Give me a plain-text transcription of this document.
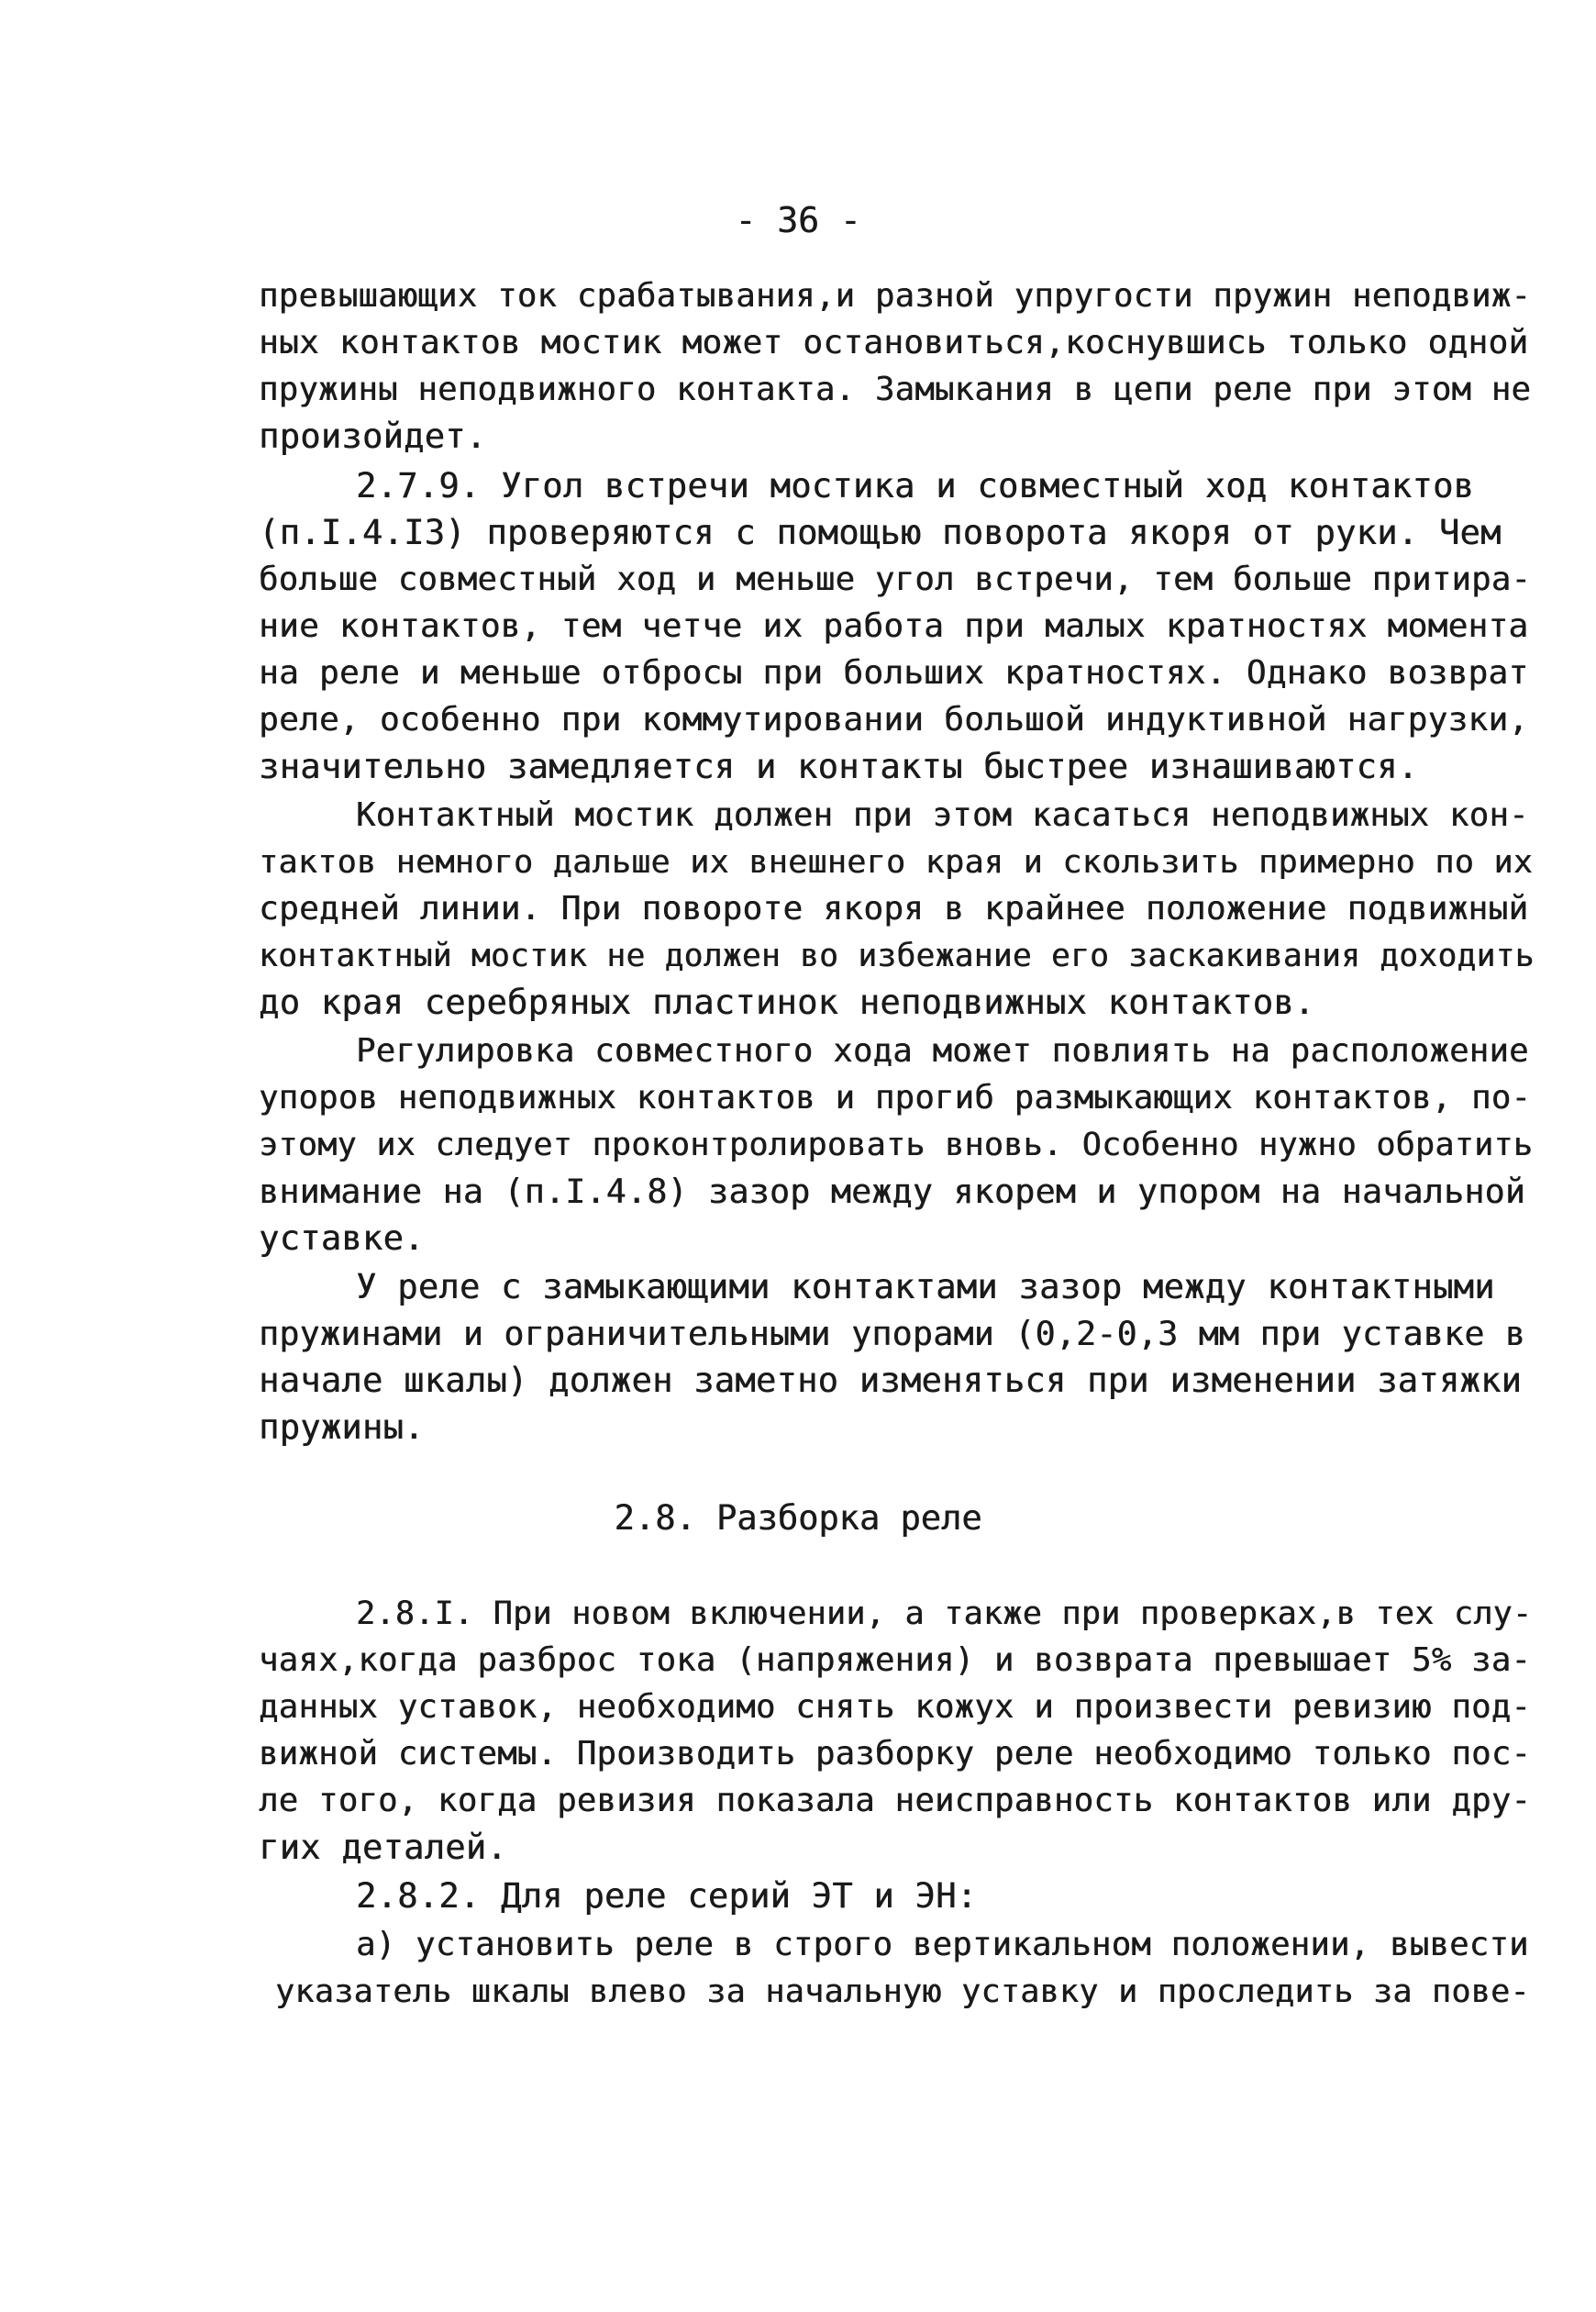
- 36 -
превышающих ток срабатывания,и разной упругости пружин неподвиж-
ных контактов мостик может остановиться,коснувшись только одной
пружины неподвижного контакта. Замыкания в цепи реле при этом не
произойдет.
2.7.9. Угол встречи мостика и совместный ход контактов
(п.I.4.I3) проверяются с помощью поворота якоря от руки. Чем
больше совместный ход и меньше угол встречи, тем больше притира-
ние контактов, тем четче их работа при малых кратностях момента
на реле и меньше отбросы при больших кратностях. Однако возврат
реле, особенно при коммутировании большой индуктивной нагрузки,
значительно замедляется и контакты быстрее изнашиваются.
Контактный мостик должен при этом касаться неподвижных кон-
тактов немного дальше их внешнего края и скользить примерно по их
средней линии. При повороте якоря в крайнее положение подвижный
контактный мостик не должен во избежание его заскакивания доходить
до края серебряных пластинок неподвижных контактов.
Регулировка совместного хода может повлиять на расположение
упоров неподвижных контактов и прогиб размыкающих контактов, по-
этому их следует проконтролировать вновь. Особенно нужно обратить
внимание на (п.I.4.8) зазор между якорем и упором на начальной
уставке.
У реле с замыкающими контактами зазор между контактными
пружинами и ограничительными упорами (0,2-0,3 мм при уставке в
начале шкалы) должен заметно изменяться при изменении затяжки
пружины.
2.8. Разборка реле
2.8.I. При новом включении, а также при проверках,в тех слу-
чаях,когда разброс тока (напряжения) и возврата превышает 5% за-
данных уставок, необходимо снять кожух и произвести ревизию под-
вижной системы. Производить разборку реле необходимо только пос-
ле того, когда ревизия показала неисправность контактов или дру-
гих деталей.
2.8.2. Для реле серий ЭТ и ЭН:
а) установить реле в строго вертикальном положении, вывести
указатель шкалы влево за начальную уставку и проследить за пове-
